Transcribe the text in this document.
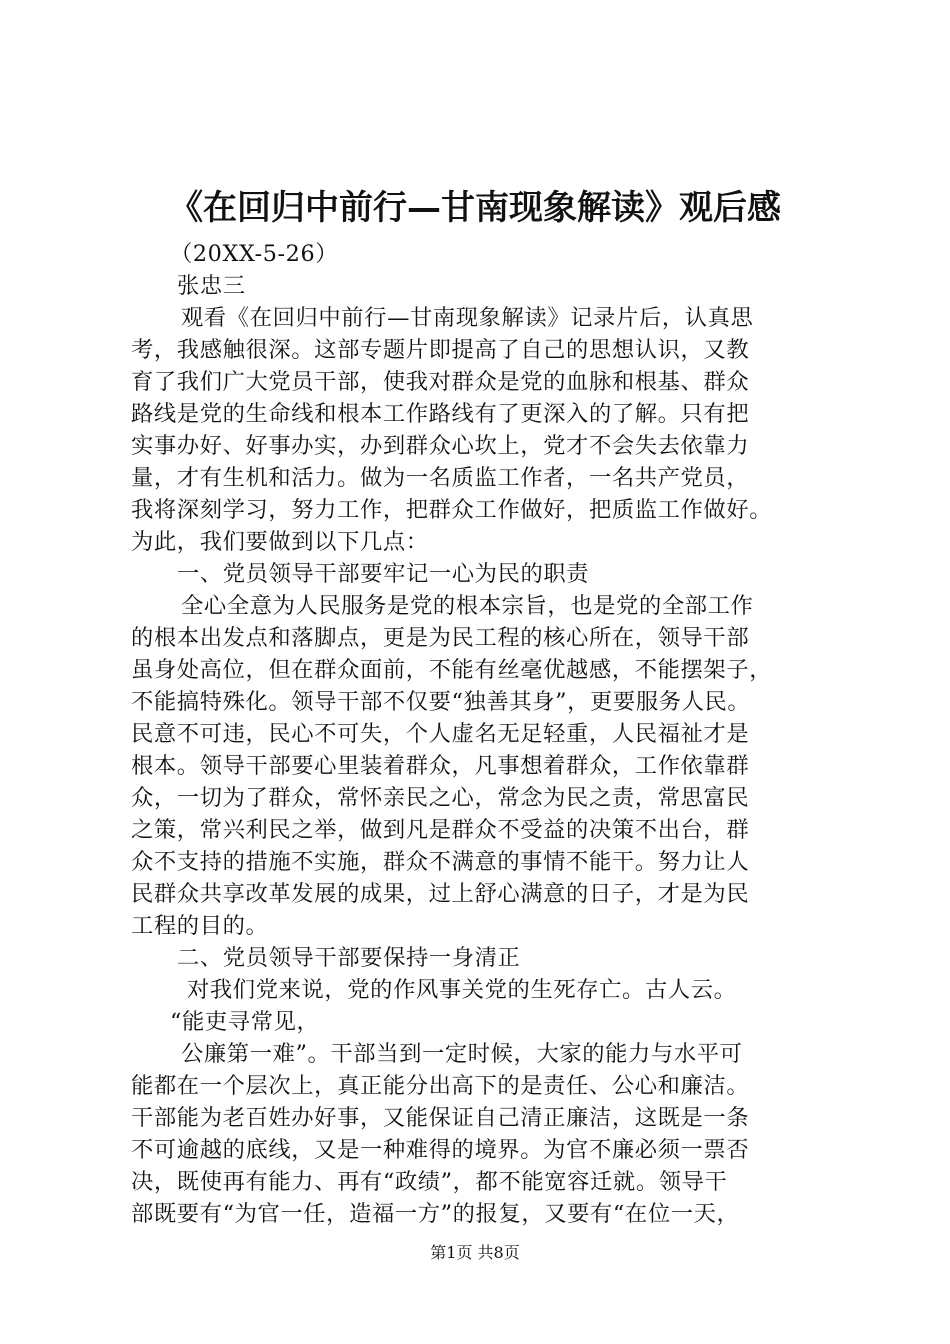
《在回归中前行—甘南现象解读》观后感
（20XX-5-26）
张忠三
观看《在回归中前行—甘南现象解读》记录片后，认真思
考，我感触很深。这部专题片即提高了自己的思想认识，又教
育了我们广大党员干部，使我对群众是党的血脉和根基、群众
路线是党的生命线和根本工作路线有了更深入的了解。只有把
实事办好、好事办实，办到群众心坎上，党才不会失去依靠力
量，才有生机和活力。做为一名质监工作者，一名共产党员，
我将深刻学习，努力工作，把群众工作做好，把质监工作做好。
为此，我们要做到以下几点：
一、党员领导干部要牢记一心为民的职责
全心全意为人民服务是党的根本宗旨，也是党的全部工作
的根本出发点和落脚点，更是为民工程的核心所在，领导干部
虽身处高位，但在群众面前，不能有丝毫优越感，不能摆架子，
不能搞特殊化。领导干部不仅要“独善其身”，更要服务人民。
民意不可违，民心不可失，个人虚名无足轻重，人民福祉才是
根本。领导干部要心里装着群众，凡事想着群众，工作依靠群
众，一切为了群众，常怀亲民之心，常念为民之责，常思富民
之策，常兴利民之举，做到凡是群众不受益的决策不出台，群
众不支持的措施不实施，群众不满意的事情不能干。努力让人
民群众共享改革发展的成果，过上舒心满意的日子，才是为民
工程的目的。
二、党员领导干部要保持一身清正
对我们党来说，党的作风事关党的生死存亡。古人云。
“能吏寻常见，
公廉第一难”。干部当到一定时候，大家的能力与水平可
能都在一个层次上，真正能分出高下的是责任、公心和廉洁。
干部能为老百姓办好事，又能保证自己清正廉洁，这既是一条
不可逾越的底线，又是一种难得的境界。为官不廉必须一票否
决，既使再有能力、再有“政绩”，都不能宽容迁就。领导干
部既要有“为官一任，造福一方”的报复，又要有“在位一天，
第1页 共8页
